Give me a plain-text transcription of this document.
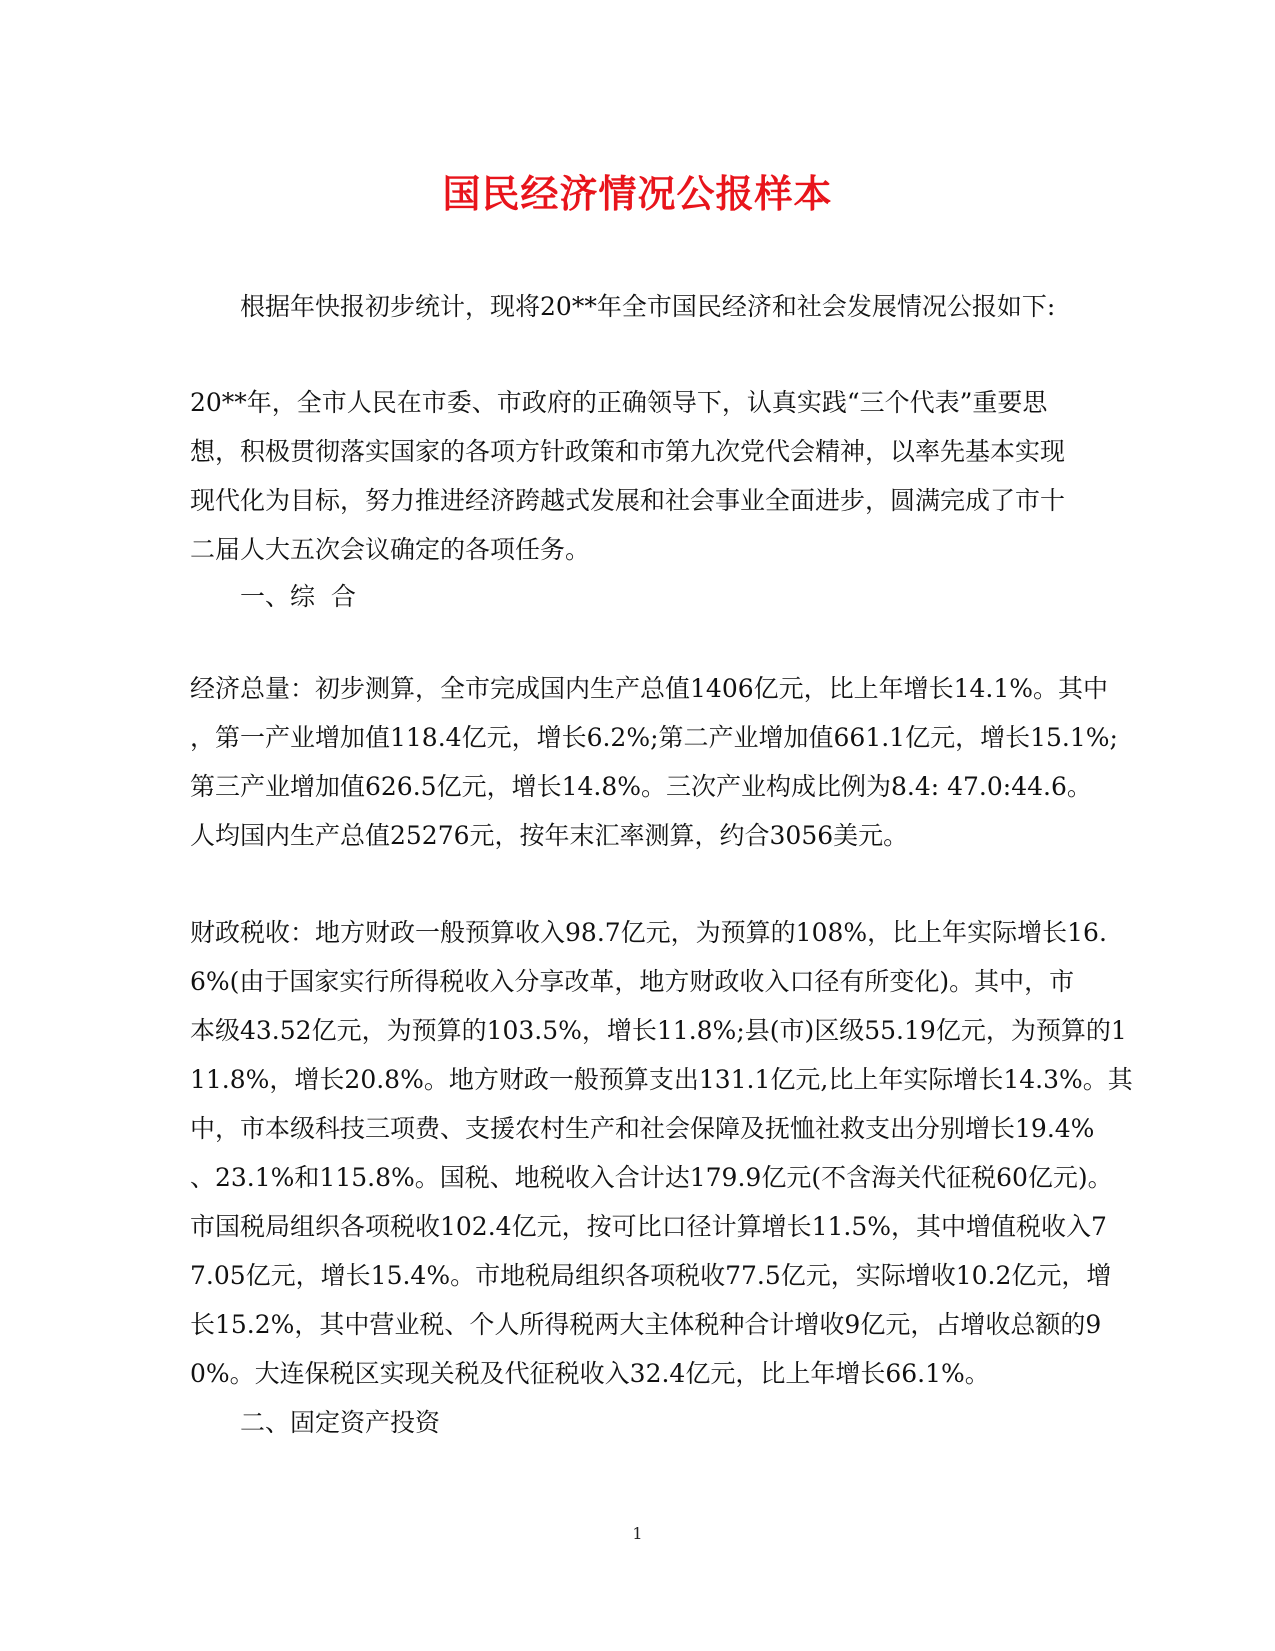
国民经济情况公报样本
根据年快报初步统计，现将20**年全市国民经济和社会发展情况公报如下:
20**年，全市人民在市委、市政府的正确领导下，认真实践“三个代表”重要思
想，积极贯彻落实国家的各项方针政策和市第九次党代会精神，以率先基本实现
现代化为目标，努力推进经济跨越式发展和社会事业全面进步，圆满完成了市十
二届人大五次会议确定的各项任务。
一、综  合
经济总量：初步测算，全市完成国内生产总值1406亿元，比上年增长14.1%。其中
，第一产业增加值118.4亿元，增长6.2%;第二产业增加值661.1亿元，增长15.1%;
第三产业增加值626.5亿元，增长14.8%。三次产业构成比例为8.4: 47.0:44.6。
人均国内生产总值25276元，按年末汇率测算，约合3056美元。
财政税收：地方财政一般预算收入98.7亿元，为预算的108%，比上年实际增长16.
6%(由于国家实行所得税收入分享改革，地方财政收入口径有所变化)。其中，市
本级43.52亿元，为预算的103.5%，增长11.8%;县(市)区级55.19亿元，为预算的1
11.8%，增长20.8%。地方财政一般预算支出131.1亿元,比上年实际增长14.3%。其
中，市本级科技三项费、支援农村生产和社会保障及抚恤社救支出分别增长19.4%
、23.1%和115.8%。国税、地税收入合计达179.9亿元(不含海关代征税60亿元)。
市国税局组织各项税收102.4亿元，按可比口径计算增长11.5%，其中增值税收入7
7.05亿元，增长15.4%。市地税局组织各项税收77.5亿元，实际增收10.2亿元，增
长15.2%，其中营业税、个人所得税两大主体税种合计增收9亿元，占增收总额的9
0%。大连保税区实现关税及代征税收入32.4亿元，比上年增长66.1%。
二、固定资产投资
1
